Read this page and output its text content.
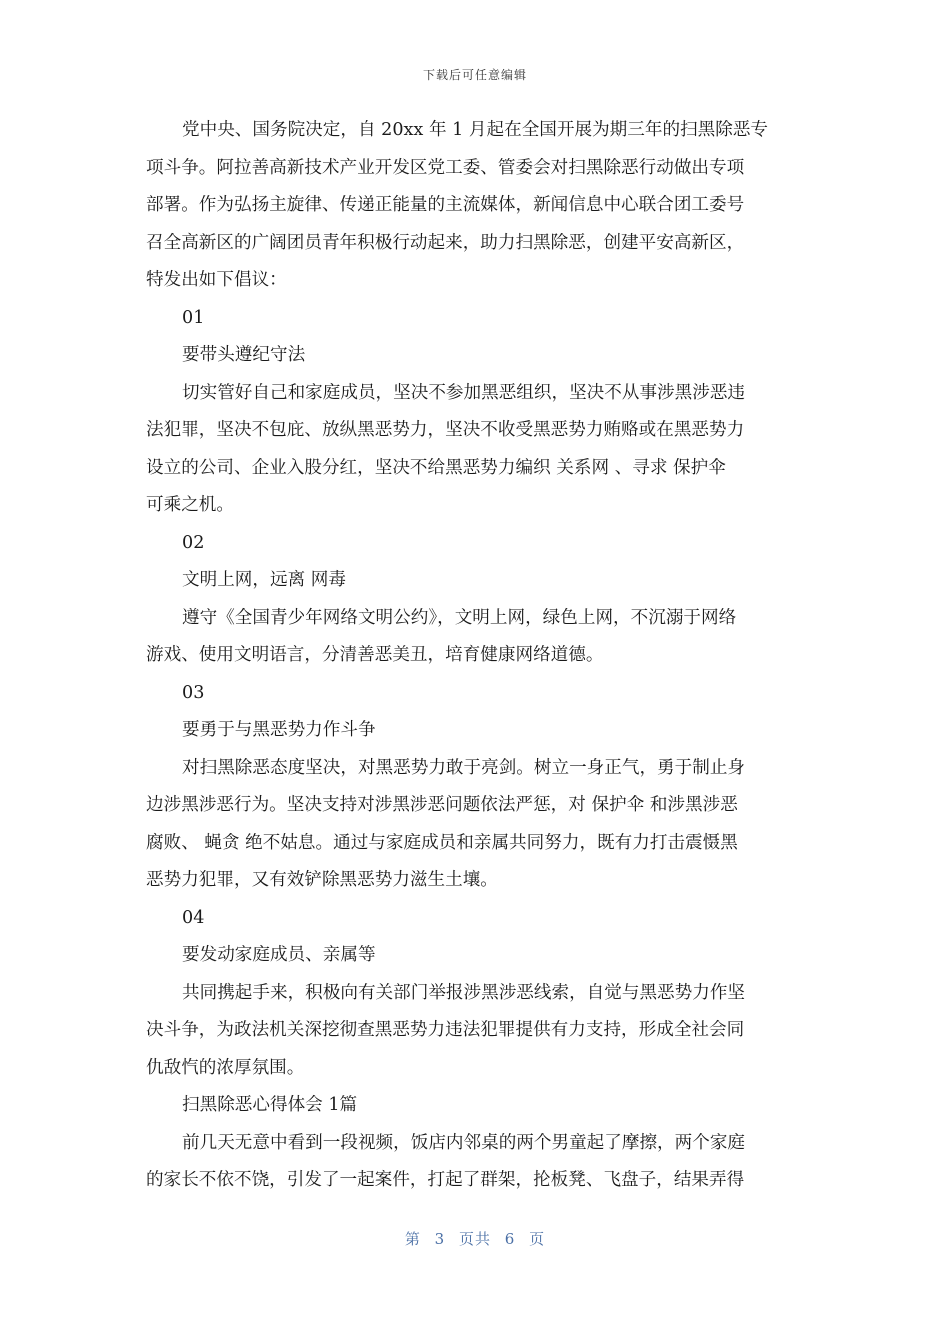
下载后可任意编辑
党中央、国务院决定，自 20xx 年 1 月起在全国开展为期三年的扫黑除恶专
项斗争。阿拉善高新技术产业开发区党工委、管委会对扫黑除恶行动做出专项
部署。作为弘扬主旋律、传递正能量的主流媒体，新闻信息中心联合团工委号
召全高新区的广阔团员青年积极行动起来，助力扫黑除恶，创建平安高新区，
特发出如下倡议：
01
要带头遵纪守法
切实管好自己和家庭成员，坚决不参加黑恶组织，坚决不从事涉黑涉恶违
法犯罪，坚决不包庇、放纵黑恶势力，坚决不收受黑恶势力贿赂或在黑恶势力
设立的公司、企业入股分红，坚决不给黑恶势力编织 关系网 、寻求 保护伞
可乘之机。
02
文明上网，远离 网毒
遵守《全国青少年网络文明公约》，文明上网，绿色上网，不沉溺于网络
游戏、使用文明语言，分清善恶美丑，培育健康网络道德。
03
要勇于与黑恶势力作斗争
对扫黑除恶态度坚决，对黑恶势力敢于亮剑。树立一身正气，勇于制止身
边涉黑涉恶行为。坚决支持对涉黑涉恶问题依法严惩，对 保护伞 和涉黑涉恶
腐败、 蝇贪 绝不姑息。通过与家庭成员和亲属共同努力，既有力打击震慑黑
恶势力犯罪，又有效铲除黑恶势力滋生土壤。
04
要发动家庭成员、亲属等
共同携起手来，积极向有关部门举报涉黑涉恶线索，自觉与黑恶势力作坚
决斗争，为政法机关深挖彻查黑恶势力违法犯罪提供有力支持，形成全社会同
仇敌忾的浓厚氛围。
扫黑除恶心得体会 1篇
前几天无意中看到一段视频，饭店内邻桌的两个男童起了摩擦，两个家庭
的家长不依不饶，引发了一起案件，打起了群架，抡板凳、飞盘子，结果弄得
第 3 页共 6 页
